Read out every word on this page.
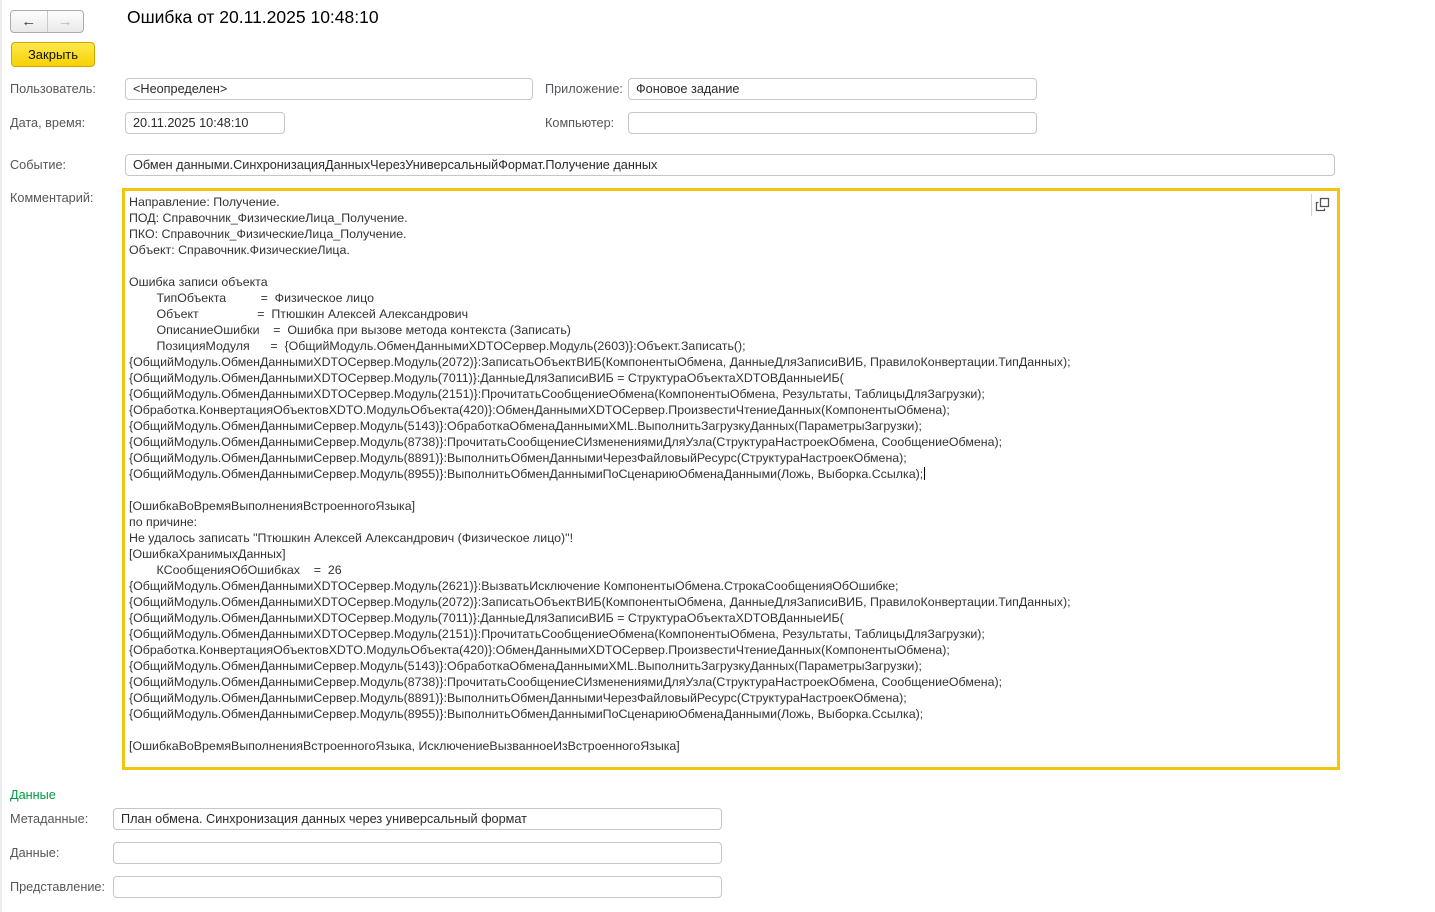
←	→	Ошибка от 20.11.2025 10:48:10
Закрыть
Пользователь:
<Неопределен>	Приложение:
Фоновое задание
Дата, время:
20.11.2025 10:48:10	Компьютер:
Событие:
Обмен данными.СинхронизацияДанныхЧерезУниверсальныйФормат.Получение данных
Комментарий:	Направление: Получение.
ПОД: Справочник_ФизическиеЛица_Получение.
ПКО: Справочник_ФизическиеЛица_Получение.
Объект: Справочник.ФизическиеЛица.
Ошибка записи объекта
ТипОбъекта          =  Физическое лицо
Объект                 =  Птюшкин Алексей Александрович
ОписаниеОшибки    =  Ошибка при вызове метода контекста (Записать)
ПозицияМодуля      =  {ОбщийМодуль.ОбменДаннымиXDTOСервер.Модуль(2603)}:Объект.Записать();
{ОбщийМодуль.ОбменДаннымиXDTOСервер.Модуль(2072)}:ЗаписатьОбъектВИБ(КомпонентыОбмена, ДанныеДляЗаписиВИБ, ПравилоКонвертации.ТипДанных);
{ОбщийМодуль.ОбменДаннымиXDTOСервер.Модуль(7011)}:ДанныеДляЗаписиВИБ = СтруктураОбъектаXDTOВДанныеИБ(
{ОбщийМодуль.ОбменДаннымиXDTOСервер.Модуль(2151)}:ПрочитатьСообщениеОбмена(КомпонентыОбмена, Результаты, ТаблицыДляЗагрузки);
{Обработка.КонвертацияОбъектовXDTO.МодульОбъекта(420)}:ОбменДаннымиXDTOСервер.ПроизвестиЧтениеДанных(КомпонентыОбмена);
{ОбщийМодуль.ОбменДаннымиСервер.Модуль(5143)}:ОбработкаОбменаДаннымиXML.ВыполнитьЗагрузкуДанных(ПараметрыЗагрузки);
{ОбщийМодуль.ОбменДаннымиСервер.Модуль(8738)}:ПрочитатьСообщениеСИзменениямиДляУзла(СтруктураНастроекОбмена, СообщениеОбмена);
{ОбщийМодуль.ОбменДаннымиСервер.Модуль(8891)}:ВыполнитьОбменДаннымиЧерезФайловыйРесурс(СтруктураНастроекОбмена);
{ОбщийМодуль.ОбменДаннымиСервер.Модуль(8955)}:ВыполнитьОбменДаннымиПоСценариюОбменаДанными(Ложь, Выборка.Ссылка);
[ОшибкаВоВремяВыполненияВстроенногоЯзыка]
по причине:
Не удалось записать "Птюшкин Алексей Александрович (Физическое лицо)"!
[ОшибкаХранимыхДанных]
КСообщенияОбОшибках    =  26
{ОбщийМодуль.ОбменДаннымиXDTOСервер.Модуль(2621)}:ВызватьИсключение КомпонентыОбмена.СтрокаСообщенияОбОшибке;
{ОбщийМодуль.ОбменДаннымиXDTOСервер.Модуль(2072)}:ЗаписатьОбъектВИБ(КомпонентыОбмена, ДанныеДляЗаписиВИБ, ПравилоКонвертации.ТипДанных);
{ОбщийМодуль.ОбменДаннымиXDTOСервер.Модуль(7011)}:ДанныеДляЗаписиВИБ = СтруктураОбъектаXDTOВДанныеИБ(
{ОбщийМодуль.ОбменДаннымиXDTOСервер.Модуль(2151)}:ПрочитатьСообщениеОбмена(КомпонентыОбмена, Результаты, ТаблицыДляЗагрузки);
{Обработка.КонвертацияОбъектовXDTO.МодульОбъекта(420)}:ОбменДаннымиXDTOСервер.ПроизвестиЧтениеДанных(КомпонентыОбмена);
{ОбщийМодуль.ОбменДаннымиСервер.Модуль(5143)}:ОбработкаОбменаДаннымиXML.ВыполнитьЗагрузкуДанных(ПараметрыЗагрузки);
{ОбщийМодуль.ОбменДаннымиСервер.Модуль(8738)}:ПрочитатьСообщениеСИзменениямиДляУзла(СтруктураНастроекОбмена, СообщениеОбмена);
{ОбщийМодуль.ОбменДаннымиСервер.Модуль(8891)}:ВыполнитьОбменДаннымиЧерезФайловыйРесурс(СтруктураНастроекОбмена);
{ОбщийМодуль.ОбменДаннымиСервер.Модуль(8955)}:ВыполнитьОбменДаннымиПоСценариюОбменаДанными(Ложь, Выборка.Ссылка);
[ОшибкаВоВремяВыполненияВстроенногоЯзыка, ИсключениеВызванноеИзВстроенногоЯзыка]
Данные
Метаданные:
План обмена. Синхронизация данных через универсальный формат
Данные:
Представление:
